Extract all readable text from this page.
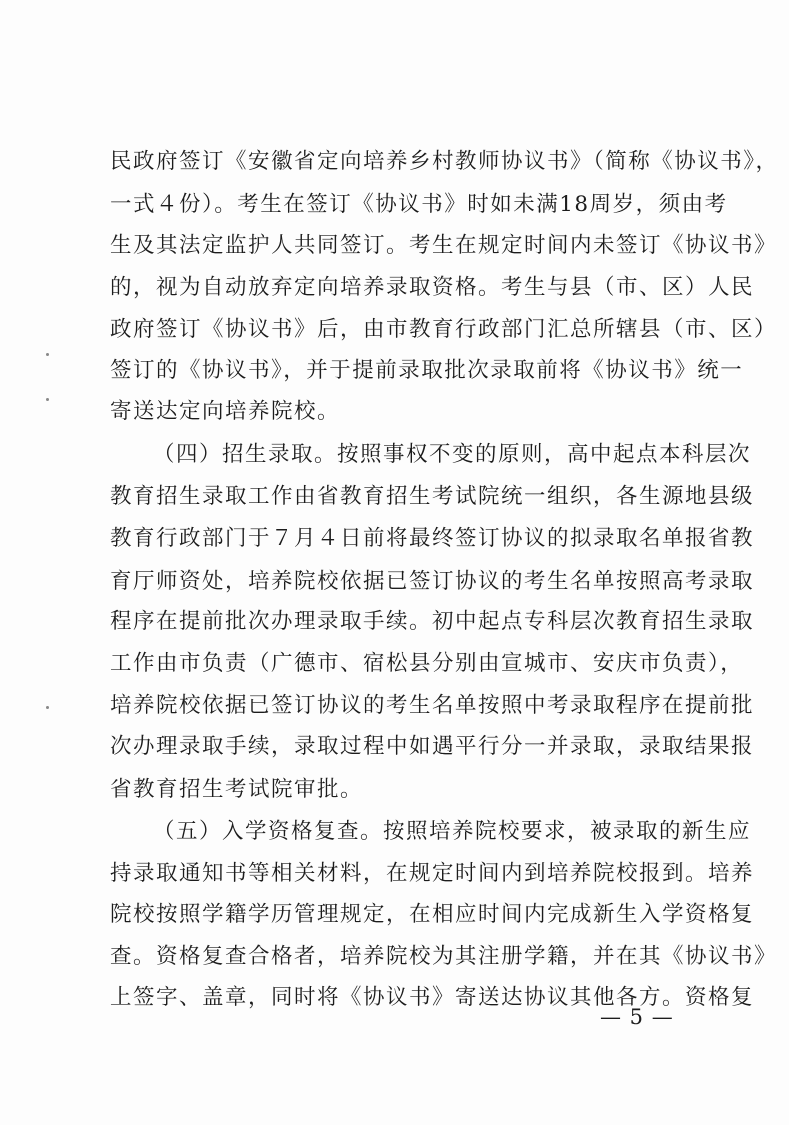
民政府签订《安徽省定向培养乡村教师协议书》（简称《协议书》，
一式４份）。考生在签订《协议书》时如未满18周岁，须由考
生及其法定监护人共同签订。考生在规定时间内未签订《协议书》
的，视为自动放弃定向培养录取资格。考生与县（市、区）人民
政府签订《协议书》后，由市教育行政部门汇总所辖县（市、区）
签订的《协议书》，并于提前录取批次录取前将《协议书》统一
寄送达定向培养院校。
（四）招生录取。按照事权不变的原则，高中起点本科层次
教育招生录取工作由省教育招生考试院统一组织，各生源地县级
教育行政部门于７月４日前将最终签订协议的拟录取名单报省教
育厅师资处，培养院校依据已签订协议的考生名单按照高考录取
程序在提前批次办理录取手续。初中起点专科层次教育招生录取
工作由市负责（广德市、宿松县分别由宣城市、安庆市负责），
培养院校依据已签订协议的考生名单按照中考录取程序在提前批
次办理录取手续，录取过程中如遇平行分一并录取，录取结果报
省教育招生考试院审批。
（五）入学资格复查。按照培养院校要求，被录取的新生应
持录取通知书等相关材料，在规定时间内到培养院校报到。培养
院校按照学籍学历管理规定，在相应时间内完成新生入学资格复
查。资格复查合格者，培养院校为其注册学籍，并在其《协议书》
上签字、盖章，同时将《协议书》寄送达协议其他各方。资格复
— 5 —
